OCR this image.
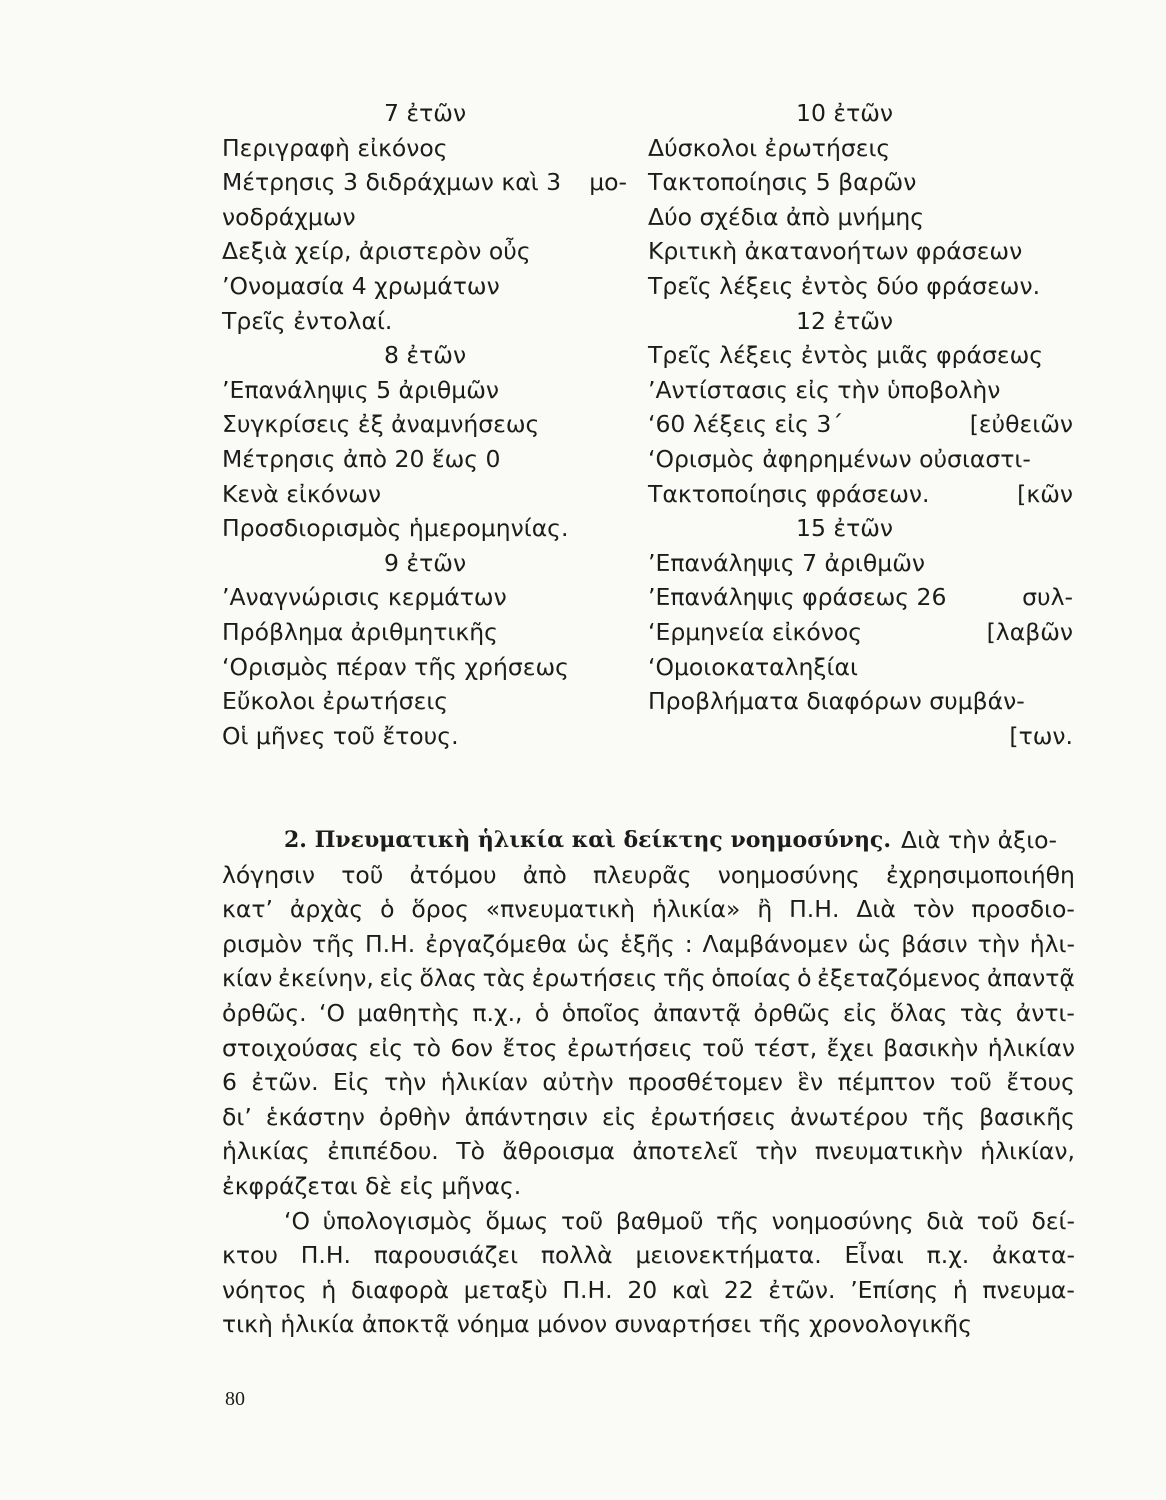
7 ἐτῶν
Περιγραφὴ εἰκόνος
Μέτρησις 3 διδράχμων καὶ 3 μο-
νοδράχμων
Δεξιὰ χείρ, ἀριστερὸν οὖς
’Ονομασία 4 χρωμάτων
Τρεῖς ἐντολαί.
8 ἐτῶν
’Επανάληψις 5 ἀριθμῶν
Συγκρίσεις ἐξ ἀναμνήσεως
Μέτρησις ἀπὸ 20 ἕως 0
Κενὰ εἰκόνων
Προσδιορισμὸς ἡμερομηνίας.
9 ἐτῶν
’Αναγνώρισις κερμάτων
Πρόβλημα ἀριθμητικῆς
‘Ορισμὸς πέραν τῆς χρήσεως
Εὔκολοι ἐρωτήσεις
Οἱ μῆνες τοῦ ἔτους.
10 ἐτῶν
Δύσκολοι ἐρωτήσεις
Τακτοποίησις 5 βαρῶν
Δύο σχέδια ἀπὸ μνήμης
Κριτικὴ ἀκατανοήτων φράσεων
Τρεῖς λέξεις ἐντὸς δύο φράσεων.
12 ἐτῶν
Τρεῖς λέξεις ἐντὸς μιᾶς φράσεως
’Αντίστασις εἰς τὴν ὑποβολὴν
‘60 λέξεις εἰς 3΄	[εὐθειῶν
‘Ορισμὸς ἀφηρημένων οὐσιαστι-
Τακτοποίησις φράσεων.	[κῶν
15 ἐτῶν
’Επανάληψις 7 ἀριθμῶν
’Επανάληψις φράσεως 26	συλ-
‘Ερμηνεία εἰκόνος	[λαβῶν
‘Ομοιοκαταληξίαι
Προβλήματα διαφόρων συμβάν-
[των.
2. Πνευματικὴ ἡλικία καὶ δείκτης νοημοσύνης. Διὰ τὴν ἀξιο-
λόγησιν τοῦ ἀτόμου ἀπὸ πλευρᾶς νοημοσύνης ἐχρησιμοποιήθη
κατ’ ἀρχὰς ὁ ὅρος «πνευματικὴ ἡλικία» ἢ Π.Η. Διὰ τὸν προσδιο-
ρισμὸν τῆς Π.Η. ἐργαζόμεθα ὡς ἑξῆς : Λαμβάνομεν ὡς βάσιν τὴν ἡλι-
κίαν ἐκείνην, εἰς ὅλας τὰς ἐρωτήσεις τῆς ὁποίας ὁ ἐξεταζόμενος ἀπαντᾷ
ὀρθῶς. ‘Ο μαθητὴς π.χ., ὁ ὁποῖος ἀπαντᾷ ὀρθῶς εἰς ὅλας τὰς ἀντι-
στοιχούσας εἰς τὸ 6ον ἔτος ἐρωτήσεις τοῦ τέστ, ἔχει βασικὴν ἡλικίαν
6 ἐτῶν. Εἰς τὴν ἡλικίαν αὐτὴν προσθέτομεν ἓν πέμπτον τοῦ ἔτους
δι’ ἑκάστην ὀρθὴν ἀπάντησιν εἰς ἐρωτήσεις ἀνωτέρου τῆς βασικῆς
ἡλικίας ἐπιπέδου. Τὸ ἄθροισμα ἀποτελεῖ τὴν πνευματικὴν ἡλικίαν,
ἐκφράζεται δὲ εἰς μῆνας.
‘Ο ὑπολογισμὸς ὅμως τοῦ βαθμοῦ τῆς νοημοσύνης διὰ τοῦ δεί-
κτου Π.Η. παρουσιάζει πολλὰ μειονεκτήματα. Εἶναι π.χ. ἀκατα-
νόητος ἡ διαφορὰ μεταξὺ Π.Η. 20 καὶ 22 ἐτῶν. ’Επίσης ἡ πνευμα-
τικὴ ἡλικία ἀποκτᾷ νόημα μόνον συναρτήσει τῆς χρονολογικῆς
80
